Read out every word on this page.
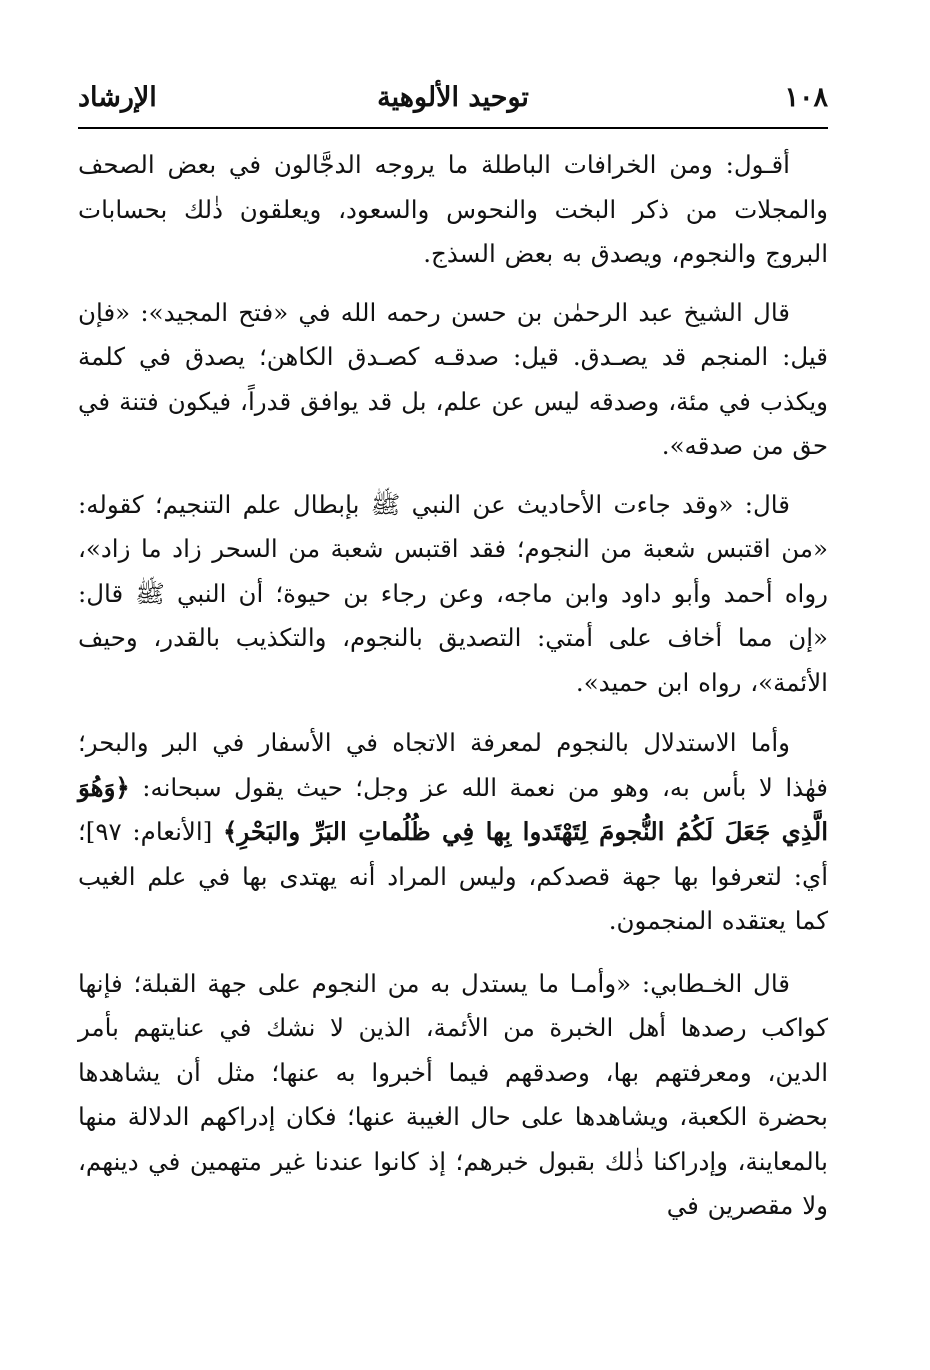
١٠٨
توحيد الألوهية
الإرشاد

أقـول: ومن الخرافات الباطلة ما يروجه الدجَّالون في بعض الصحف والمجلات من ذكر البخت والنحوس والسعود، ويعلقون ذٰلك بحسابات البروج والنجوم، ويصدق به بعض السذج.

قال الشيخ عبد الرحمٰن بن حسن رحمه الله في «فتح المجيد»: «فإن قيل: المنجم قد يصـدق. قيل: صدقـه كصـدق الكاهن؛ يصدق في كلمة ويكذب في مئة، وصدقه ليس عن علم، بل قد يوافق قدراً، فيكون فتنة في حق من صدقه».

قال: «وقد جاءت الأحاديث عن النبي ﷺ بإبطال علم التنجيم؛ كقوله: «من اقتبس شعبة من النجوم؛ فقد اقتبس شعبة من السحر زاد ما زاد»، رواه أحمد وأبو داود وابن ماجه، وعن رجاء بن حيوة؛ أن النبي ﷺ قال: «إن مما أخاف على أمتي: التصديق بالنجوم، والتكذيب بالقدر، وحيف الأئمة»، رواه ابن حميد».

وأما الاستدلال بالنجوم لمعرفة الاتجاه في الأسفار في البر والبحر؛ فهٰذا لا بأس به، وهو من نعمة الله عز وجل؛ حيث يقول سبحانه: ﴿وَهُوَ الَّذِي جَعَلَ لَكُمُ النُّجومَ لِتَهْتَدوا بِها فِي ظُلُماتِ البَرِّ والبَحْرِ﴾ [الأنعام: ٩٧]؛ أي: لتعرفوا بها جهة قصدكم، وليس المراد أنه يهتدى بها في علم الغيب كما يعتقده المنجمون.

قال الخـطابي: «وأمـا ما يستدل به من النجوم على جهة القبلة؛ فإنها كواكب رصدها أهل الخبرة من الأئمة، الذين لا نشك في عنايتهم بأمر الدين، ومعرفتهم بها، وصدقهم فيما أخبروا به عنها؛ مثل أن يشاهدها بحضرة الكعبة، ويشاهدها على حال الغيبة عنها؛ فكان إدراكهم الدلالة منها بالمعاينة، وإدراكنا ذٰلك بقبول خبرهم؛ إذ كانوا عندنا غير متهمين في دينهم، ولا مقصرين في
